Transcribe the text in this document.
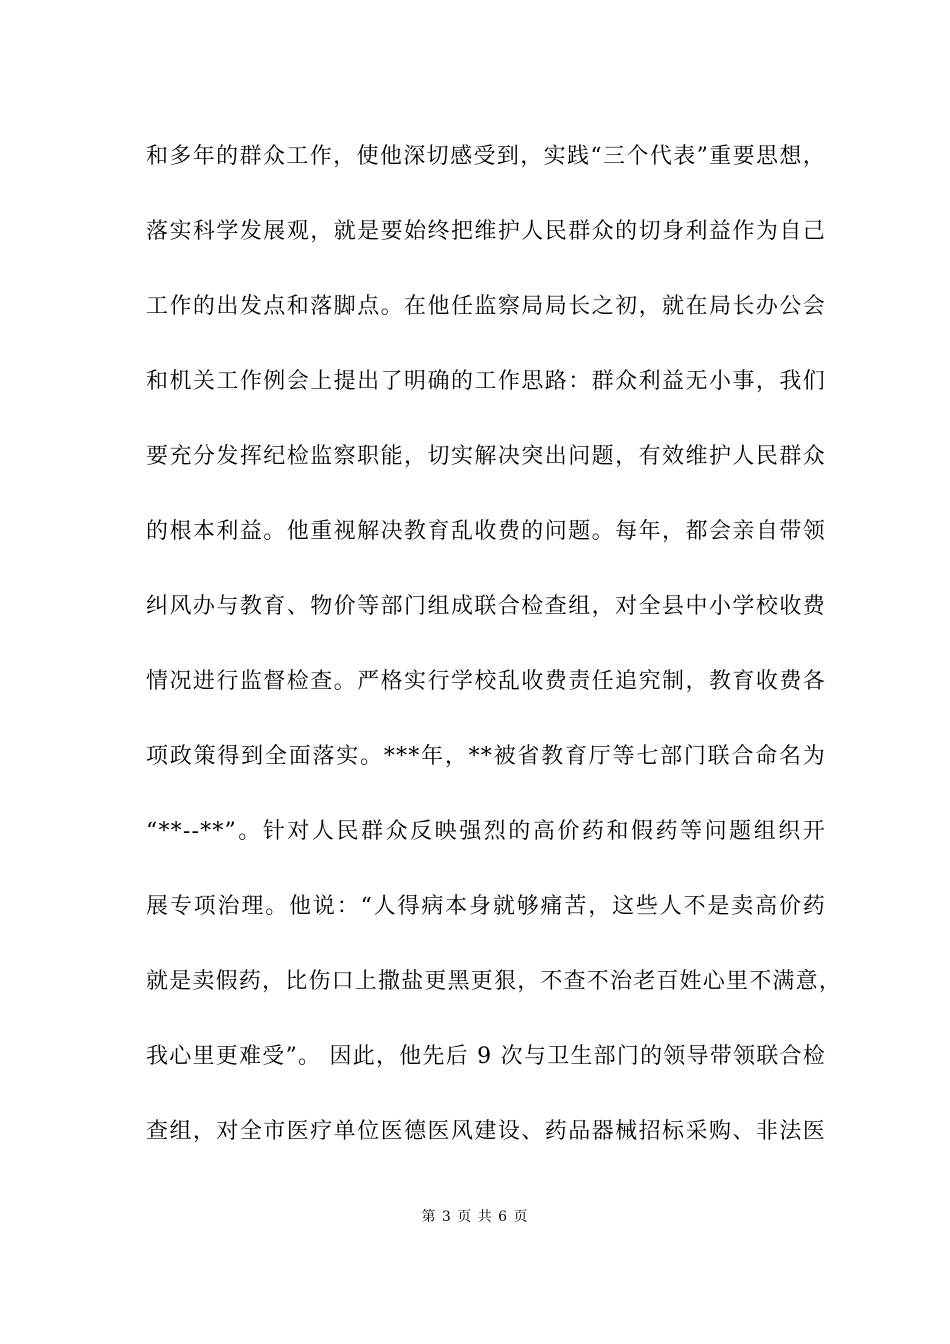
和多年的群众工作，使他深切感受到，实践“三个代表”重要思想，
落实科学发展观，就是要始终把维护人民群众的切身利益作为自己
工作的出发点和落脚点。在他任监察局局长之初，就在局长办公会
和机关工作例会上提出了明确的工作思路：群众利益无小事，我们
要充分发挥纪检监察职能，切实解决突出问题，有效维护人民群众
的根本利益。他重视解决教育乱收费的问题。每年，都会亲自带领
纠风办与教育、物价等部门组成联合检查组，对全县中小学校收费
情况进行监督检查。严格实行学校乱收费责任追究制，教育收费各
项政策得到全面落实。***年，**被省教育厅等七部门联合命名为
“**--**”。针对人民群众反映强烈的高价药和假药等问题组织开
展专项治理。他说：“人得病本身就够痛苦，这些人不是卖高价药
就是卖假药，比伤口上撒盐更黑更狠，不查不治老百姓心里不满意，
我心里更难受”。 因此，他先后 9 次与卫生部门的领导带领联合检
查组，对全市医疗单位医德医风建设、药品器械招标采购、非法医
第 3 页 共 6 页
